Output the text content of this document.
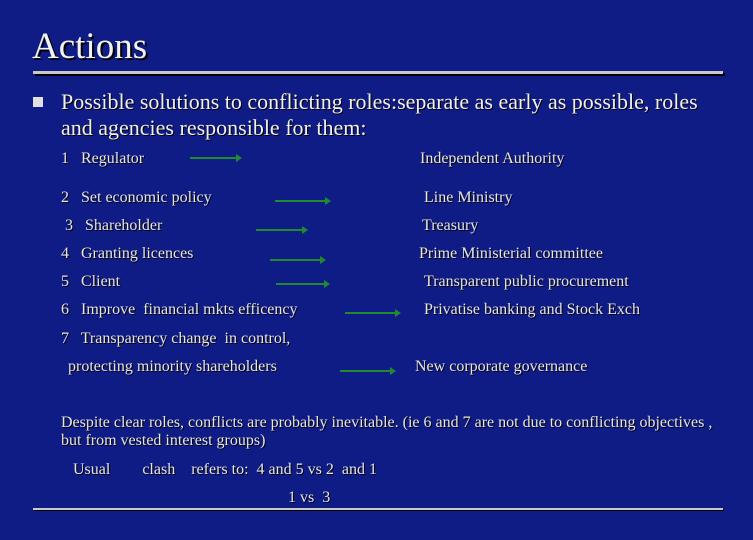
Actions
Possible solutions to conflicting roles:separate as early as possible, roles and agencies responsible for them:
1   Regulator	Independent Authority
2   Set economic policy	Line Ministry
3   Shareholder	Treasury
4   Granting licences	Prime Ministerial committee
5   Client	Transparent public procurement
6   Improve  financial mkts efficency	Privatise banking and Stock Exch
7   Transparency change  in control,
protecting minority shareholders	New corporate governance
Despite clear roles, conflicts are probably inevitable. (ie 6 and 7 are not due to conflicting objectives , but from vested interest groups)
Usual        clash    refers to:  4 and 5 vs 2  and 1
1 vs  3
